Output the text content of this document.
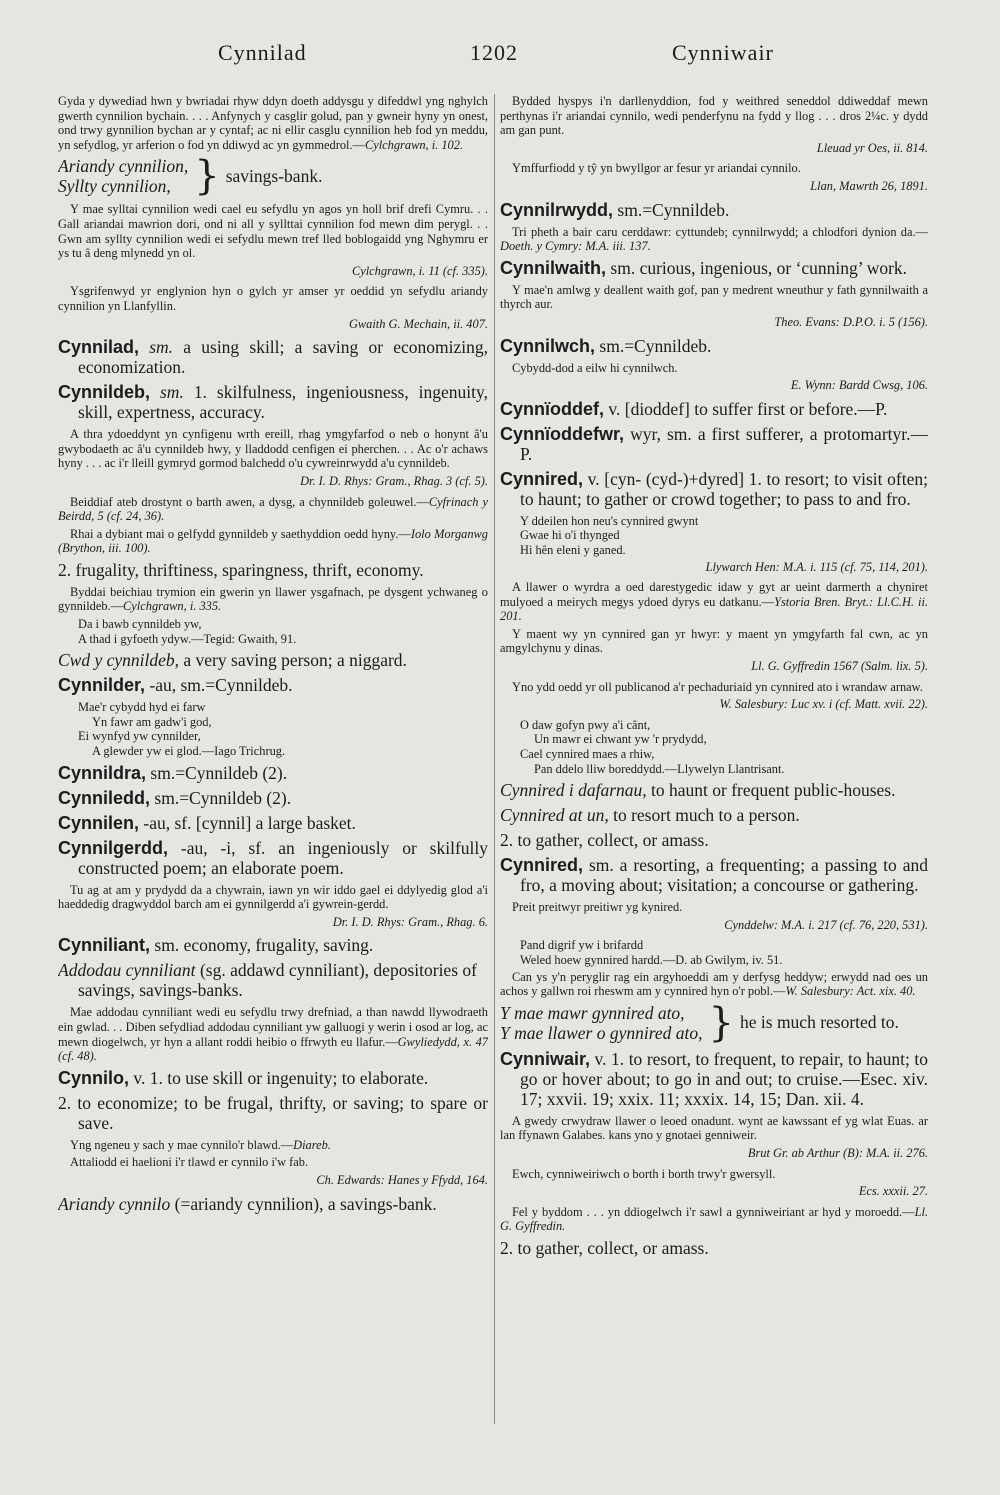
Cynnilad	1202	Cynniwair

Gyda y dywediad hwn y bwriadai rhyw ddyn doeth addysgu y difeddwl yng nghylch gwerth cynnilion bychain. . . . Anfynych y casglir golud, pan y gwneir hyny yn onest, ond trwy gynnilion bychan ar y cyntaf; ac ni ellir casglu cynnilion heb fod yn meddu, yn sefydlog, yr arferion o fod yn ddiwyd ac yn gymmedrol.—Cylchgrawn, i. 102.

Ariandy cynnilion,
Syllty cynnilion, } savings-bank.

Y mae sylltai cynnilion wedi cael eu sefydlu yn agos yn holl brif drefi Cymru. . . Gall ariandai mawrion dori, ond ni all y syllttai cynnilion fod mewn dim perygl. . . Gwn am syllty cynnilion wedi ei sefydlu mewn tref lled boblogaidd yng Nghymru er ys tu â deng mlynedd yn ol.

Cylchgrawn, i. 11 (cf. 335).

Ysgrifenwyd yr englynion hyn o gylch yr amser yr oeddid yn sefydlu ariandy cynnilion yn Llanfyllin.

Gwaith G. Mechain, ii. 407.

Cynnilad, sm. a using skill; a saving or economizing, economization.

Cynnildeb, sm. 1. skilfulness, ingeniousness, ingenuity, skill, expertness, accuracy.

A thra ydoeddynt yn cynfigenu wrth ereill, rhag ymgyfarfod o neb o honynt â'u gwybodaeth ac â'u cynnildeb hwy, y lladdodd cenfigen ei pherchen. . . Ac o'r achaws hyny . . . ac i'r lleill gymryd gormod balchedd o'u cywreinrwydd a'u cynnildeb.

Dr. I. D. Rhys: Gram., Rhag. 3 (cf. 5).

Beiddiaf ateb drostynt o barth awen, a dysg, a chynnildeb goleuwel.—Cyfrinach y Beirdd, 5 (cf. 24, 36).

Rhai a dybiant mai o gelfydd gynnildeb y saethyddion oedd hyny.—Iolo Morganwg (Brython, iii. 100).

2. frugality, thriftiness, sparingness, thrift, economy.

Byddai beichiau trymion ein gwerin yn llawer ysgafnach, pe dysgent ychwaneg o gynnildeb.—Cylchgrawn, i. 335.

Da i bawb cynnildeb yw,
A thad i gyfoeth ydyw.—Tegid: Gwaith, 91.

Cwd y cynnildeb, a very saving person; a niggard.

Cynnilder, -au, sm.=Cynnildeb.

Mae'r cybydd hyd ei farw
Yn fawr am gadw'i god,
Ei wynfyd yw cynnilder,
A glewder yw ei glod.—Iago Trichrug.

Cynnildra, sm.=Cynnildeb (2).

Cynniledd, sm.=Cynnildeb (2).

Cynnilen, -au, sf. [cynnil] a large basket.

Cynnilgerdd, -au, -i, sf. an ingeniously or skilfully constructed poem; an elaborate poem.

Tu ag at am y prydydd da a chywrain, iawn yn wir iddo gael ei ddylyedig glod a'i haeddedig dragwyddol barch am ei gynnilgerdd a'i gywrein-gerdd.

Dr. I. D. Rhys: Gram., Rhag. 6.

Cynniliant, sm. economy, frugality, saving.

Addodau cynniliant (sg. addawd cynniliant), depositories of savings, savings-banks.

Mae addodau cynniliant wedi eu sefydlu trwy drefniad, a than nawdd llywodraeth ein gwlad. . . Diben sefydliad addodau cynniliant yw galluogi y werin i osod ar log, ac mewn diogelwch, yr hyn a allant roddi heibio o ffrwyth eu llafur.—Gwyliedydd, x. 47 (cf. 48).

Cynnilo, v. 1. to use skill or ingenuity; to elaborate.

2. to economize; to be frugal, thrifty, or saving; to spare or save.

Yng ngeneu y sach y mae cynnilo'r blawd.—Diareb.

Attaliodd ei haelioni i'r tlawd er cynnilo i'w fab.

Ch. Edwards: Hanes y Ffydd, 164.

Ariandy cynnilo (=ariandy cynnilion), a savings-bank.

Bydded hyspys i'n darllenyddion, fod y weithred seneddol ddiweddaf mewn perthynas i'r ariandai cynnilo, wedi penderfynu na fydd y llog . . . dros 2¼c. y dydd am gan punt.

Lleuad yr Oes, ii. 814.

Ymffurfiodd y tŷ yn bwyllgor ar fesur yr ariandai cynnilo.

Llan, Mawrth 26, 1891.

Cynnilrwydd, sm.=Cynnildeb.

Tri pheth a bair caru cerddawr: cyttundeb; cynnilrwydd; a chlodfori dynion da.—Doeth. y Cymry: M.A. iii. 137.

Cynnilwaith, sm. curious, ingenious, or ‘cunning’ work.

Y mae'n amlwg y deallent waith gof, pan y medrent wneuthur y fath gynnilwaith a thyrch aur.

Theo. Evans: D.P.O. i. 5 (156).

Cynnilwch, sm.=Cynnildeb.

Cybydd-dod a eilw hi cynnilwch.

E. Wynn: Bardd Cwsg, 106.

Cynnïoddef, v. [dioddef] to suffer first or before.—P.

Cynnïoddefwr, wyr, sm. a first sufferer, a protomartyr.—P.

Cynnired, v. [cyn- (cyd-)+dyred] 1. to resort; to visit often; to haunt; to gather or crowd together; to pass to and fro.

Y ddeilen hon neu's cynnired gwynt
Gwae hi o'i thynged
Hi hên eleni y ganed.

Llywarch Hen: M.A. i. 115 (cf. 75, 114, 201).

A llawer o wyrdra a oed darestygedic idaw y gyt ar ueint darmerth a chyniret mulyoed a meirych megys ydoed dyrys eu datkanu.—Ystoria Bren. Bryt.: Ll.C.H. ii. 201.

Y maent wy yn cynnired gan yr hwyr: y maent yn ymgyfarth fal cwn, ac yn amgylchynu y dinas.

Ll. G. Gyffredin 1567 (Salm. lix. 5).

Yno ydd oedd yr oll publicanod a'r pechaduriaid yn cynnired ato i wrandaw arnaw.

W. Salesbury: Luc xv. i (cf. Matt. xvii. 22).

O daw gofyn pwy a'i cânt,
Un mawr ei chwant yw 'r prydydd,
Cael cynnired maes a rhiw,
Pan ddelo lliw boreddydd.—Llywelyn Llantrisant.

Cynnired i dafarnau, to haunt or frequent public-houses.

Cynnired at un, to resort much to a person.

2. to gather, collect, or amass.

Cynnired, sm. a resorting, a frequenting; a passing to and fro, a moving about; visitation; a concourse or gathering.

Preit preitwyr preitiwr yg kynired.

Cynddelw: M.A. i. 217 (cf. 76, 220, 531).

Pand digrif yw i brifardd
Weled hoew gynnired hardd.—D. ab Gwilym, iv. 51.

Can ys y'n peryglir rag ein argyhoeddi am y derfysg heddyw; erwydd nad oes un achos y gallwn roi rheswm am y cynnired hyn o'r pobl.—W. Salesbury: Act. xix. 40.

Y mae mawr gynnired ato,
Y mae llawer o gynnired ato, } he is much resorted to.

Cynniwair, v. 1. to resort, to frequent, to repair, to haunt; to go or hover about; to go in and out; to cruise.—Esec. xiv. 17; xxvii. 19; xxix. 11; xxxix. 14, 15; Dan. xii. 4.

A gwedy crwydraw llawer o leoed onadunt. wynt ae kawssant ef yg wlat Euas. ar lan ffynawn Galabes. kans yno y gnotaei genniweir.

Brut Gr. ab Arthur (B): M.A. ii. 276.

Ewch, cynniweiriwch o borth i borth trwy'r gwersyll.

Ecs. xxxii. 27.

Fel y byddom . . . yn ddiogelwch i'r sawl a gynniweiriant ar hyd y moroedd.—Ll. G. Gyffredin.

2. to gather, collect, or amass.
